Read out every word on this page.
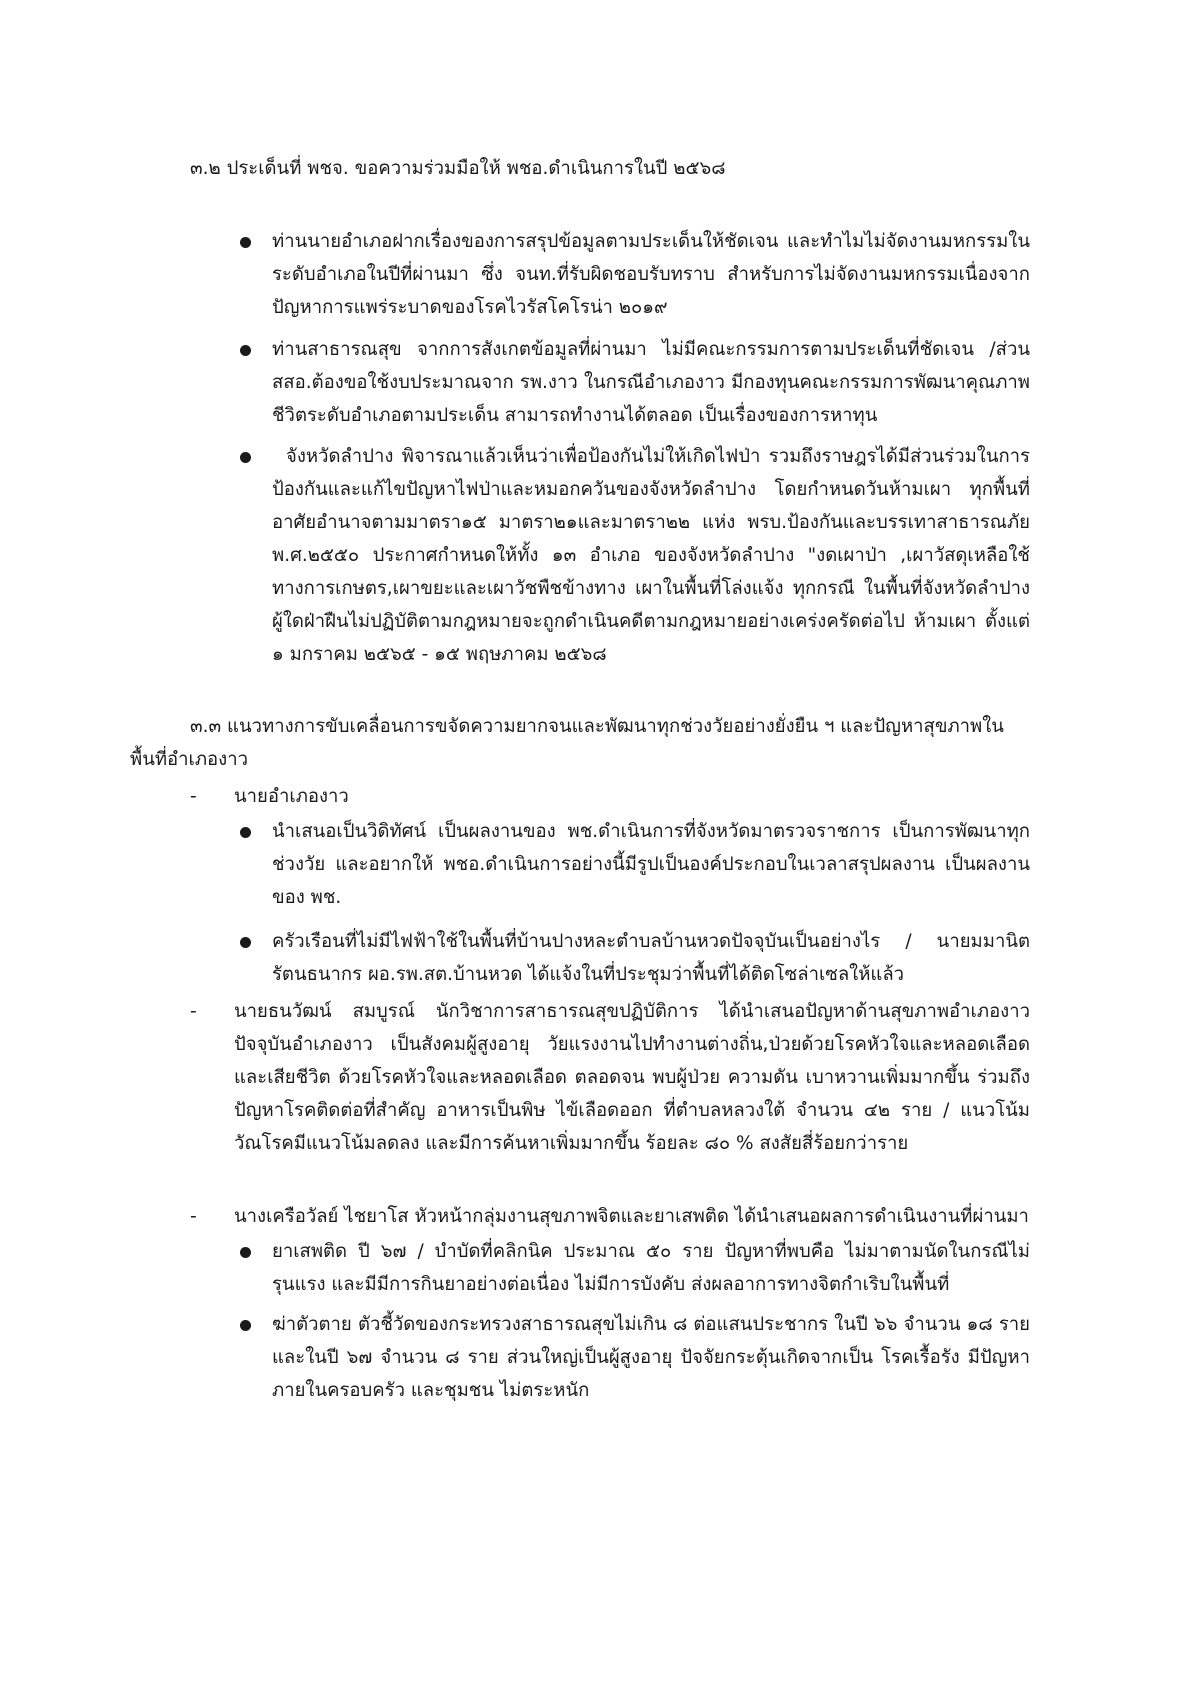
๓.๒ ประเด็นที่ พชจ. ขอความร่วมมือให้ พชอ.ดำเนินการในปี ๒๕๖๘

ท่านนายอำเภอฝากเรื่องของการสรุปข้อมูลตามประเด็นให้ชัดเจน และทำไมไม่จัดงานมหกรรมในระดับอำเภอในปีที่ผ่านมา ซึ่ง จนท.ที่รับผิดชอบรับทราบ สำหรับการไม่จัดงานมหกรรมเนื่องจากปัญหาการแพร่ระบาดของโรคไวรัสโคโรน่า ๒๐๑๙
ท่านสาธารณสุข จากการสังเกตข้อมูลที่ผ่านมา ไม่มีคณะกรรมการตามประเด็นที่ชัดเจน /ส่วน สสอ.ต้องขอใช้งบประมาณจาก รพ.งาว ในกรณีอำเภองาว มีกองทุนคณะกรรมการพัฒนาคุณภาพชีวิตระดับอำเภอตามประเด็น สามารถทำงานได้ตลอด เป็นเรื่องของการหาทุน
จังหวัดลำปาง พิจารณาแล้วเห็นว่าเพื่อป้องกันไม่ให้เกิดไฟป่า รวมถึงราษฎรได้มีส่วนร่วมในการป้องกันและแก้ไขปัญหาไฟป่าและหมอกควันของจังหวัดลำปาง โดยกำหนดวันห้ามเผา ทุกพื้นที่อาศัยอำนาจตามมาตรา๑๕ มาตรา๒๑และมาตรา๒๒ แห่ง พรบ.ป้องกันและบรรเทาสาธารณภัย พ.ศ.๒๕๕๐ ประกาศกำหนดให้ทั้ง ๑๓ อำเภอ ของจังหวัดลำปาง "งดเผาป่า ,เผาวัสดุเหลือใช้ทางการเกษตร,เผาขยะและเผาวัชพืชข้างทาง เผาในพื้นที่โล่งแจ้ง ทุกกรณี ในพื้นที่จังหวัดลำปาง ผู้ใดฝ่าฝืนไม่ปฏิบัติตามกฎหมายจะถูกดำเนินคดีตามกฎหมายอย่างเคร่งครัดต่อไป ห้ามเผา ตั้งแต่ ๑ มกราคม ๒๕๖๕ - ๑๕ พฤษภาคม ๒๕๖๘

๓.๓ แนวทางการขับเคลื่อนการขจัดความยากจนและพัฒนาทุกช่วงวัยอย่างยั่งยืน ฯ และปัญหาสุขภาพในพื้นที่อำเภองาว

-	นายอำเภองาว
นำเสนอเป็นวิดิทัศน์ เป็นผลงานของ พช.ดำเนินการที่จังหวัดมาตรวจราชการ เป็นการพัฒนาทุกช่วงวัย และอยากให้ พชอ.ดำเนินการอย่างนี้มีรูปเป็นองค์ประกอบในเวลาสรุปผลงาน เป็นผลงานของ พช.
ครัวเรือนที่ไม่มีไฟฟ้าใช้ในพื้นที่บ้านปางหละตำบลบ้านหวดปัจจุบันเป็นอย่างไร / นายมมานิต รัตนธนากร ผอ.รพ.สต.บ้านหวด ได้แจ้งในที่ประชุมว่าพื้นที่ได้ติดโซล่าเซลให้แล้ว
-	นายธนวัฒน์ สมบูรณ์ นักวิชาการสาธารณสุขปฏิบัติการ ได้นำเสนอปัญหาด้านสุขภาพอำเภองาว ปัจจุบันอำเภองาว เป็นสังคมผู้สูงอายุ วัยแรงงานไปทำงานต่างถิ่น,ป่วยด้วยโรคหัวใจและหลอดเลือด และเสียชีวิต ด้วยโรคหัวใจและหลอดเลือด ตลอดจน พบผู้ป่วย ความดัน เบาหวานเพิ่มมากขึ้น ร่วมถึงปัญหาโรคติดต่อที่สำคัญ อาหารเป็นพิษ ไข้เลือดออก ที่ตำบลหลวงใต้ จำนวน ๔๒ ราย / แนวโน้มวัณโรคมีแนวโน้มลดลง และมีการค้นหาเพิ่มมากขึ้น ร้อยละ ๘๐ % สงสัยสี่ร้อยกว่าราย
-	นางเครือวัลย์ ไชยาโส หัวหน้ากลุ่มงานสุขภาพจิตและยาเสพติด ได้นำเสนอผลการดำเนินงานที่ผ่านมา
ยาเสพติด ปี ๖๗ / บำบัดที่คลิกนิค ประมาณ ๕๐ ราย ปัญหาที่พบคือ ไม่มาตามนัดในกรณีไม่รุนแรง และมีมีการกินยาอย่างต่อเนื่อง ไม่มีการบังคับ ส่งผลอาการทางจิตกำเริบในพื้นที่
ฆ่าตัวตาย ตัวชี้วัดของกระทรวงสาธารณสุขไม่เกิน ๘ ต่อแสนประชากร ในปี ๖๖ จำนวน ๑๘ ราย และในปี ๖๗ จำนวน ๘ ราย ส่วนใหญ่เป็นผู้สูงอายุ ปัจจัยกระตุ้นเกิดจากเป็น โรคเรื้อรัง มีปัญหาภายในครอบครัว และชุมชน ไม่ตระหนัก
